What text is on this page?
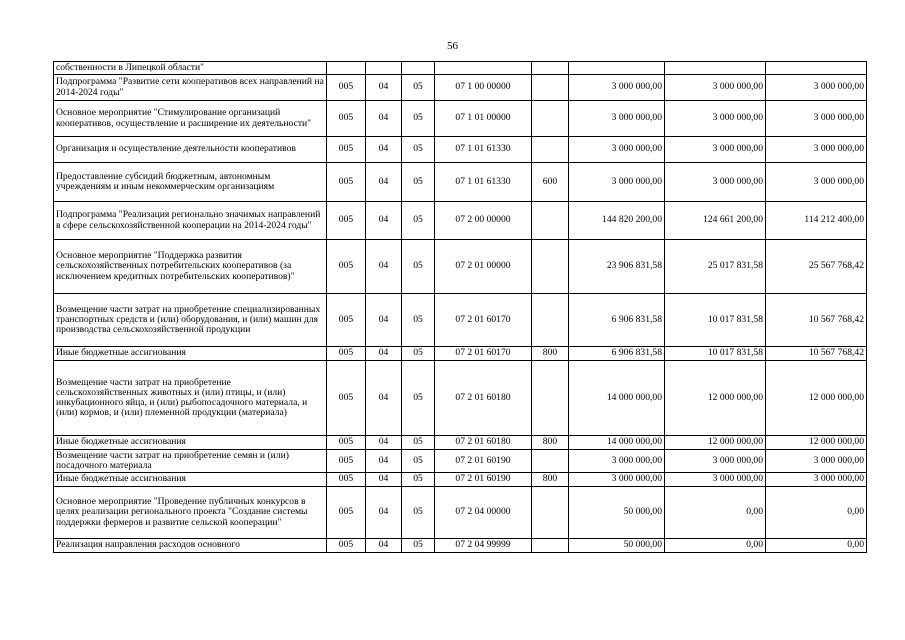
56
собственности в Липецкой области"								
Подпрограмма "Развитие сети кооперативов всех направлений на 2014-2024 годы"	005	04	05	07 1 00 00000		3 000 000,00	3 000 000,00	3 000 000,00
Основное мероприятие "Стимулирование организаций кооперативов, осуществление и расширение их деятельности"	005	04	05	07 1 01 00000		3 000 000,00	3 000 000,00	3 000 000,00
Организация и осуществление деятельности кооперативов	005	04	05	07 1 01 61330		3 000 000,00	3 000 000,00	3 000 000,00
Предоставление субсидий бюджетным, автономным учреждениям и иным некоммерческим организациям	005	04	05	07 1 01 61330	600	3 000 000,00	3 000 000,00	3 000 000,00
Подпрограмма "Реализация регионально значимых направлений в сфере сельскохозяйственной кооперации на 2014-2024 годы"	005	04	05	07 2 00 00000		144 820 200,00	124 661 200,00	114 212 400,00
Основное мероприятие "Поддержка развития сельскохозяйственных потребительских кооперативов (за исключением кредитных потребительских кооперативов)"	005	04	05	07 2 01 00000		23 906 831,58	25 017 831,58	25 567 768,42
Возмещение части затрат на приобретение специализированных транспортных средств и (или) оборудования, и (или) машин для производства сельскохозяйственной продукции	005	04	05	07 2 01 60170		6 906 831,58	10 017 831,58	10 567 768,42
Иные бюджетные ассигнования	005	04	05	07 2 01 60170	800	6 906 831,58	10 017 831,58	10 567 768,42
Возмещение части затрат на приобретение сельскохозяйственных животных и (или) птицы, и (или) инкубационного яйца, и (или) рыбопосадочного материала, и (или) кормов, и (или) племенной продукции (материала)	005	04	05	07 2 01 60180		14 000 000,00	12 000 000,00	12 000 000,00
Иные бюджетные ассигнования	005	04	05	07 2 01 60180	800	14 000 000,00	12 000 000,00	12 000 000,00
Возмещение части затрат на приобретение семян и (или) посадочного материала	005	04	05	07 2 01 60190		3 000 000,00	3 000 000,00	3 000 000,00
Иные бюджетные ассигнования	005	04	05	07 2 01 60190	800	3 000 000,00	3 000 000,00	3 000 000,00
Основное мероприятие "Проведение публичных конкурсов в целях реализации регионального проекта "Создание системы поддержки фермеров и развитие сельской кооперации"	005	04	05	07 2 04 00000		50 000,00	0,00	0,00
Реализация направления расходов основного	005	04	05	07 2 04 99999		50 000,00	0,00	0,00
